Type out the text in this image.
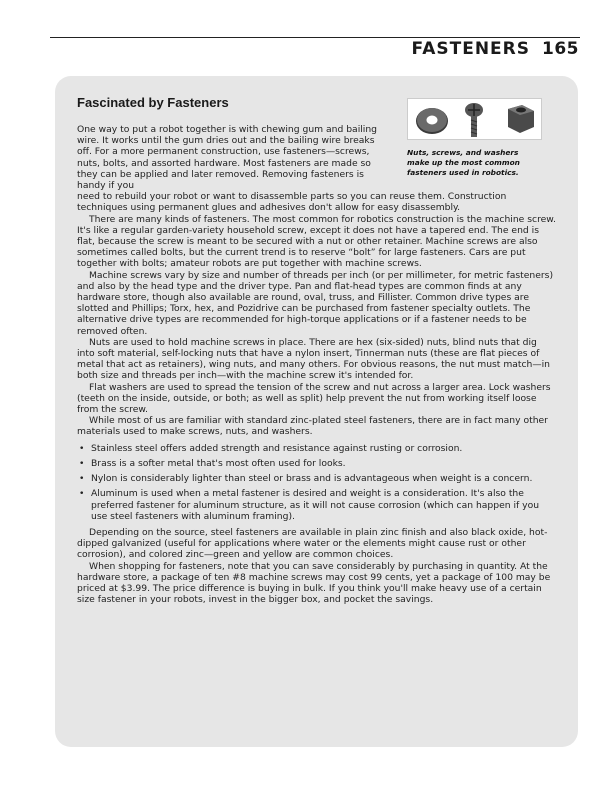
FASTENERS 165
Fascinated by Fasteners
Nuts, screws, and washers make up the most common fasteners used in robotics.

One way to put a robot together is with chewing gum and bailing wire. It works until the gum dries out and the bailing wire breaks off. For a more permanent construction, use fasteners—screws, nuts, bolts, and assorted hardware. Most fasteners are made so they can be applied and later removed. Removing fasteners is handy if you

need to rebuild your robot or want to disassemble parts so you can reuse them. Construction techniques using permanent glues and adhesives don't allow for easy disassembly.

There are many kinds of fasteners. The most common for robotics construction is the machine screw. It's like a regular garden-variety household screw, except it does not have a tapered end. The end is flat, because the screw is meant to be secured with a nut or other retainer. Machine screws are also sometimes called bolts, but the current trend is to reserve “bolt” for large fasteners. Cars are put together with bolts; amateur robots are put together with machine screws.

Machine screws vary by size and number of threads per inch (or per millimeter, for metric fasteners) and also by the head type and the driver type. Pan and flat-head types are common finds at any hardware store, though also available are round, oval, truss, and Fillister. Common drive types are slotted and Phillips; Torx, hex, and Pozidrive can be purchased from fastener specialty outlets. The alternative drive types are recommended for high-torque applications or if a fastener needs to be removed often.

Nuts are used to hold machine screws in place. There are hex (six-sided) nuts, blind nuts that dig into soft material, self-locking nuts that have a nylon insert, Tinnerman nuts (these are flat pieces of metal that act as retainers), wing nuts, and many others. For obvious reasons, the nut must match—in both size and threads per inch—with the machine screw it's intended for.

Flat washers are used to spread the tension of the screw and nut across a larger area. Lock washers (teeth on the inside, outside, or both; as well as split) help prevent the nut from working itself loose from the screw.

While most of us are familiar with standard zinc-plated steel fasteners, there are in fact many other materials used to make screws, nuts, and washers.

• Stainless steel offers added strength and resistance against rusting or corrosion.
• Brass is a softer metal that's most often used for looks.
• Nylon is considerably lighter than steel or brass and is advantageous when weight is a concern.
• Aluminum is used when a metal fastener is desired and weight is a consideration. It's also the preferred fastener for aluminum structure, as it will not cause corrosion (which can happen if you use steel fasteners with aluminum framing).

Depending on the source, steel fasteners are available in plain zinc finish and also black oxide, hot-dipped galvanized (useful for applications where water or the elements might cause rust or other corrosion), and colored zinc—green and yellow are common choices.

When shopping for fasteners, note that you can save considerably by purchasing in quantity. At the hardware store, a package of ten #8 machine screws may cost 99 cents, yet a package of 100 may be priced at $3.99. The price difference is buying in bulk. If you think you'll make heavy use of a certain size fastener in your robots, invest in the bigger box, and pocket the savings.
